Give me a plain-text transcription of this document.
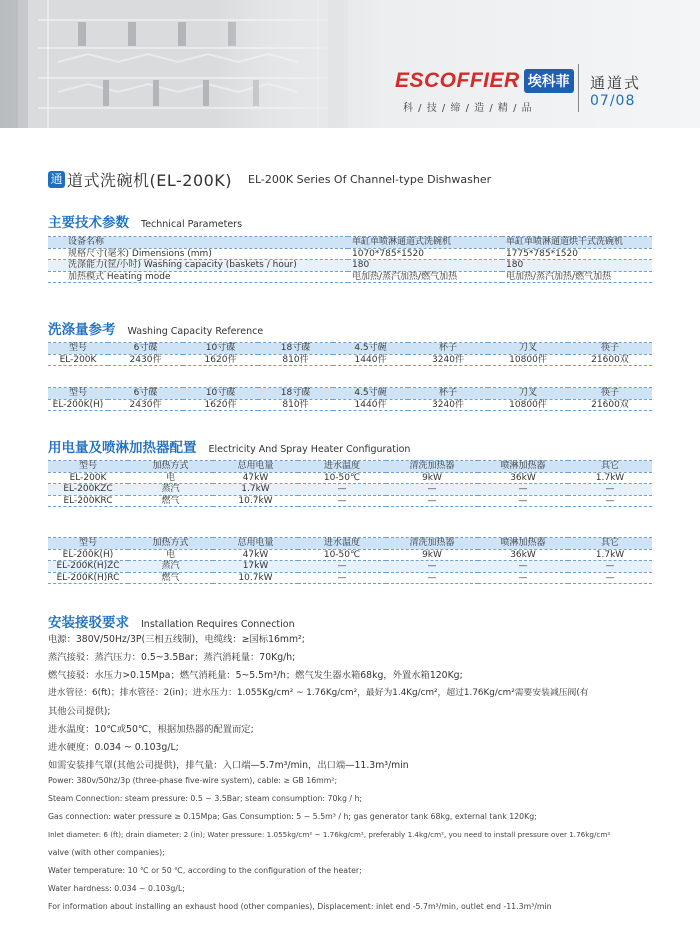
ESCOFFIER 埃科菲
科 / 技 / 缔 / 造 / 精 / 品
通道式
07/08
通 道式洗碗机(EL-200K) EL-200K Series Of Channel-type Dishwasher
主要技术参数 Technical Parameters
设备名称	单缸单喷淋通道式洗碗机	单缸单喷淋通道烘干式洗碗机
规格尺寸(毫米) Dimensions (mm)	1070*785*1520	1775*785*1520
洗涤能力(筐/小时) Washing capacity (baskets / hour)	180	180
加热模式 Heating mode	电加热/蒸汽加热/燃气加热	电加热/蒸汽加热/燃气加热
洗涤量参考 Washing Capacity Reference
型号	6寸碟	10寸碟	18寸碟	4.5寸碗	杯子	刀叉	筷子
EL-200K	2430件	1620件	810件	1440件	3240件	10800件	21600双
型号	6寸碟	10寸碟	18寸碟	4.5寸碗	杯子	刀叉	筷子
EL-200K(H)	2430件	1620件	810件	1440件	3240件	10800件	21600双
用电量及喷淋加热器配置 Electricity And Spray Heater Configuration
型号	加热方式	总用电量	进水温度	清洗加热器	喷淋加热器	其它
EL-200K	电	47kW	10-50℃	9kW	36kW	1.7kW
EL-200KZC	蒸汽	1.7kW	—	—	—	—
EL-200KRC	燃气	10.7kW	—	—	—	—
型号	加热方式	总用电量	进水温度	清洗加热器	喷淋加热器	其它
EL-200K(H)	电	47kW	10-50℃	9kW	36kW	1.7kW
EL-200K(H)ZC	蒸汽	17kW	—	—	—	—
EL-200K(H)RC	燃气	10.7kW	—	—	—	—
安装接驳要求 Installation Requires Connection
电源：380V/50Hz/3P(三相五线制)，电缆线：≥国标16mm²;
蒸汽接驳：蒸汽压力：0.5~3.5Bar；蒸汽消耗量：70Kg/h;
燃气接驳：水压力>0.15Mpa；燃气消耗量：5~5.5m³/h；燃气发生器水箱68kg，外置水箱120Kg;
进水管径：6(ft)；排水管径：2(in)；进水压力：1.055Kg/cm² ~ 1.76Kg/cm²，最好为1.4Kg/cm²，超过1.76Kg/cm²需要安装减压阀(有
其他公司提供);
进水温度：10℃或50℃，根据加热器的配置而定;
进水硬度：0.034 ~ 0.103g/L;
如需安装排气罩(其他公司提供)，排气量：入口端—5.7m³/min，出口端—11.3m³/min
Power: 380v/50hz/3p (three-phase five-wire system), cable: ≥ GB 16mm²;
Steam Connection: steam pressure: 0.5 ~ 3.5Bar; steam consumption: 70kg / h;
Gas connection: water pressure ≥ 0.15Mpa; Gas Consumption: 5 ~ 5.5m³ / h; gas generator tank 68kg, external tank 120Kg;
Inlet diameter: 6 (ft); drain diameter: 2 (in); Water pressure: 1.055kg/cm² ~ 1.76kg/cm², preferably 1.4kg/cm², you need to install pressure over 1.76kg/cm²
valve (with other companies);
Water temperature: 10 ℃ or 50 ℃, according to the configuration of the heater;
Water hardness: 0.034 ~ 0.103g/L;
For information about installing an exhaust hood (other companies), Displacement: inlet end -5.7m³/min, outlet end -11.3m³/min
